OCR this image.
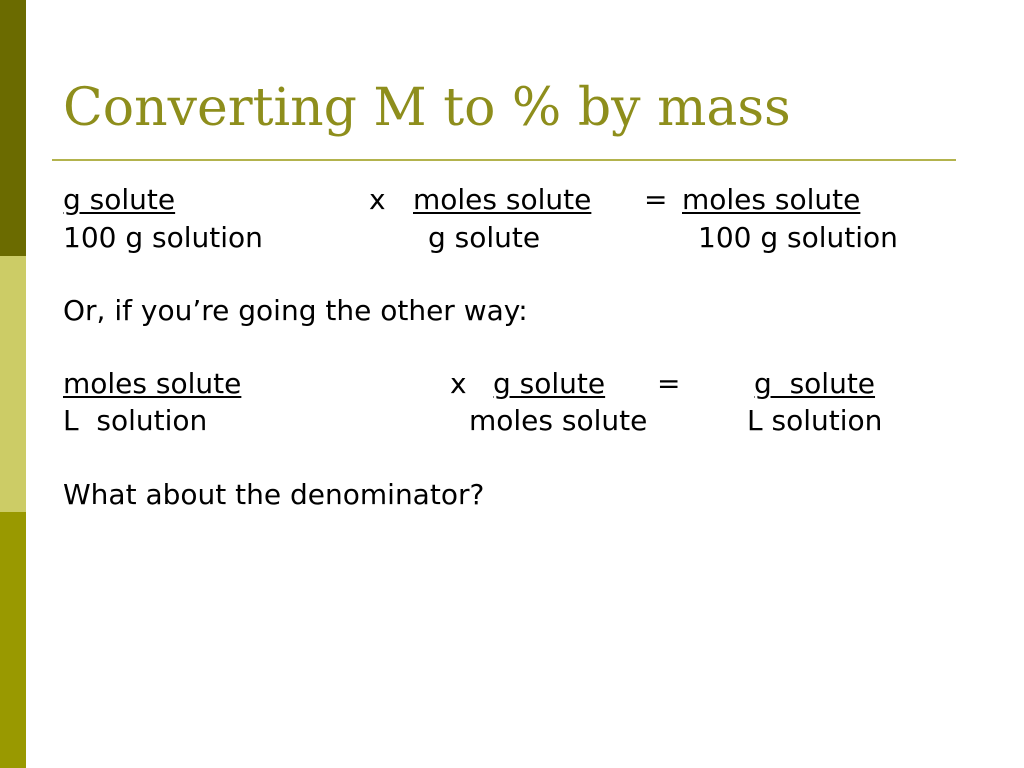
Converting M to % by mass
g solute	x moles solute = moles solute
100 g solution	g solute	100 g solution
Or, if you’re going the other way:
moles solute	x g solute =	g  solute
L  solution	moles solute	L solution
What about the denominator?
